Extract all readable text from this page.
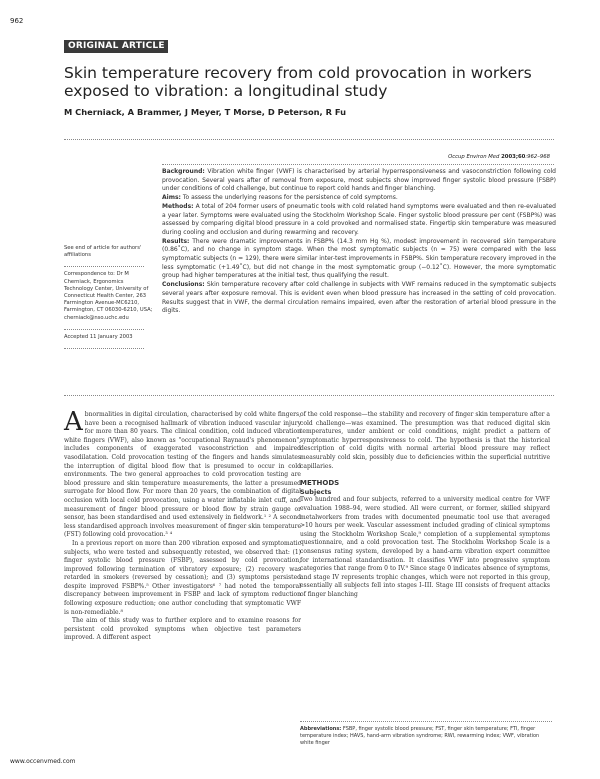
962
ORIGINAL ARTICLE
Skin temperature recovery from cold provocation in workers exposed to vibration: a longitudinal study
M Cherniack, A Brammer, J Meyer, T Morse, D Peterson, R Fu
Occup Environ Med 2003;60:962–968

See end of article for authors' affiliations

Correspondence to: Dr M Cherniack, Ergonomics Technology Center, University of Connecticut Health Center, 263 Farmington Avenue-MC6210, Farmington, CT 06030-6210, USA; cherniack@nso.uchc.edu

Accepted 11 January 2003

Background: Vibration white finger (VWF) is characterised by arterial hyperresponsiveness and vasoconstriction following cold provocation. Several years after of removal from exposure, most subjects show improved finger systolic blood pressure (FSBP) under conditions of cold challenge, but continue to report cold hands and finger blanching.

Aims: To assess the underlying reasons for the persistence of cold symptoms.

Methods: A total of 204 former users of pneumatic tools with cold related hand symptoms were evaluated and then re-evaluated a year later. Symptoms were evaluated using the Stockholm Workshop Scale. Finger systolic blood pressure per cent (FSBP%) was assessed by comparing digital blood pressure in a cold provoked and normalised state. Fingertip skin temperature was measured during cooling and occlusion and during rewarming and recovery.

Results: There were dramatic improvements in FSBP% (14.3 mm Hg %), modest improvement in recovered skin temperature (0.86˚C), and no change in symptom stage. When the most symptomatic subjects (n = 75) were compared with the less symptomatic subjects (n = 129), there were similar inter-test improvements in FSBP%. Skin temperature recovery improved in the less symptomatic (+1.49˚C), but did not change in the most symptomatic group (−0.12˚C). However, the more symptomatic group had higher temperatures at the initial test, thus qualifying the result.

Conclusions: Skin temperature recovery after cold challenge in subjects with VWF remains reduced in the symptomatic subjects several years after exposure removal. This is evident even when blood pressure has increased in the setting of cold provocation. Results suggest that in VWF, the dermal circulation remains impaired, even after the restoration of arterial blood pressure in the digits.

Abnormalities in digital circulation, characterised by cold white fingers, have been a recognised hallmark of vibration induced vascular injury for more than 80 years. The clinical condition, cold induced vibration white fingers (VWF), also known as "occupational Raynaud's phenomenon", includes components of exaggerated vasoconstriction and impaired vasodilatation. Cold provocation testing of the fingers and hands simulates the interruption of digital blood flow that is presumed to occur in cold environments. The two general approaches to cold provocation testing are blood pressure and skin temperature measurements, the latter a presumed surrogate for blood flow. For more than 20 years, the combination of digital occlusion with local cold provocation, using a water inflatable inlet cuff, and measurement of finger blood pressure or blood flow by strain gauge or sensor, has been standardised and used extensively in fieldwork.¹ ² A second less standardised approach involves measurement of finger skin temperature (FST) following cold provocation.³ ⁴

In a previous report on more than 200 vibration exposed and symptomatic subjects, who were tested and subsequently retested, we observed that: (1) finger systolic blood pressure (FSBP), assessed by cold provocation, improved following termination of vibratory exposure; (2) recovery was retarded in smokers (reversed by cessation); and (3) symptoms persisted despite improved FSBP%.⁵ Other investigators⁶ ⁷ had noted the temporal discrepancy between improvement in FSBP and lack of symptom reduction following exposure reduction; one author concluding that symptomatic VWF is non-remediable.⁸

The aim of this study was to further explore and to examine reasons for persistent cold provoked symptoms when objective test parameters improved. A different aspect

of the cold response—the stability and recovery of finger skin temperature after a cold challenge—was examined. The presumption was that reduced digital skin temperatures, under ambient or cold conditions, might predict a pattern of symptomatic hyperresponsiveness to cold. The hypothesis is that the historical description of cold digits with normal arterial blood pressure may reflect measurably cold skin, possibly due to deficiencies within the superficial nutritive capillaries.

METHODS

Subjects

Two hundred and four subjects, referred to a university medical centre for VWF evaluation 1988–94, were studied. All were current, or former, skilled shipyard metalworkers from trades with documented pneumatic tool use that averaged >10 hours per week. Vascular assessment included grading of clinical symptoms using the Stockholm Workshop Scale,⁹ completion of a supplemental symptoms questionnaire, and a cold provocation test. The Stockholm Workshop Scale is a consensus rating system, developed by a hand-arm vibration expert committee for international standardisation. It classifies VWF into progressive symptom categories that range from 0 to IV.⁹ Since stage 0 indicates absence of symptoms, and stage IV represents trophic changes, which were not reported in this group, essentially all subjects fell into stages I–III. Stage III consists of frequent attacks of finger blanching

Abbreviations: FSBP, finger systolic blood pressure; FST, finger skin temperature; FTI, finger temperature index; HAVS, hand-arm vibration syndrome; RWI, rewarming index; VWF, vibration white finger
www.occenvmed.com
